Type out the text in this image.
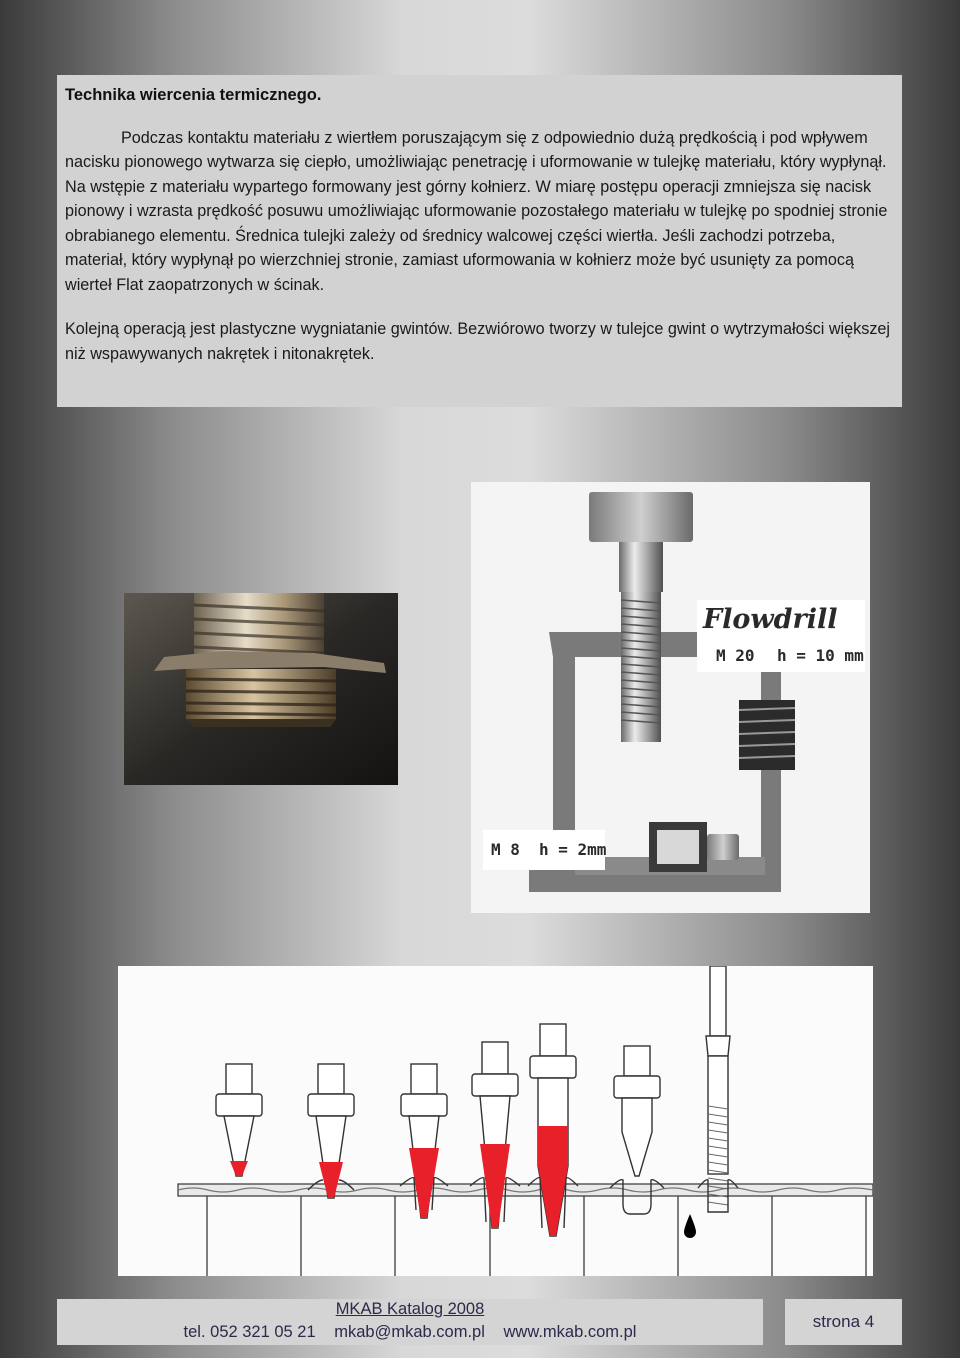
Technika wiercenia termicznego.

Podczas kontaktu materiału z wiertłem poruszającym się z odpowiednio dużą prędkością i pod wpływem nacisku pionowego wytwarza się ciepło, umożliwiając penetrację i uformowanie w tulejkę materiału, który wypłynął. Na wstępie z materiału wypartego formowany jest górny kołnierz. W miarę postępu operacji zmniejsza się nacisk pionowy i wzrasta prędkość posuwu umożliwiając uformowanie pozostałego materiału w tulejkę po spodniej stronie obrabianego elementu. Średnica tulejki zależy od średnicy walcowej części wiertła. Jeśli zachodzi potrzeba, materiał, który wypłynął po wierzchniej stronie, zamiast uformowania w kołnierz może być usunięty za pomocą wierteł Flat zaopatrzonych w ścinak.

Kolejną operacją jest plastyczne wygniatanie gwintów. Bezwiórowo tworzy w tulejce gwint o wytrzymałości większej niż wspawywanych nakrętek i nitonakrętek.

Flowdrill
M 20 h = 10 mm
M 8 h = 2mm
MKAB Katalog 2008
tel. 052 321 05 21 mkab@mkab.com.pl www.mkab.com.pl
strona 4
